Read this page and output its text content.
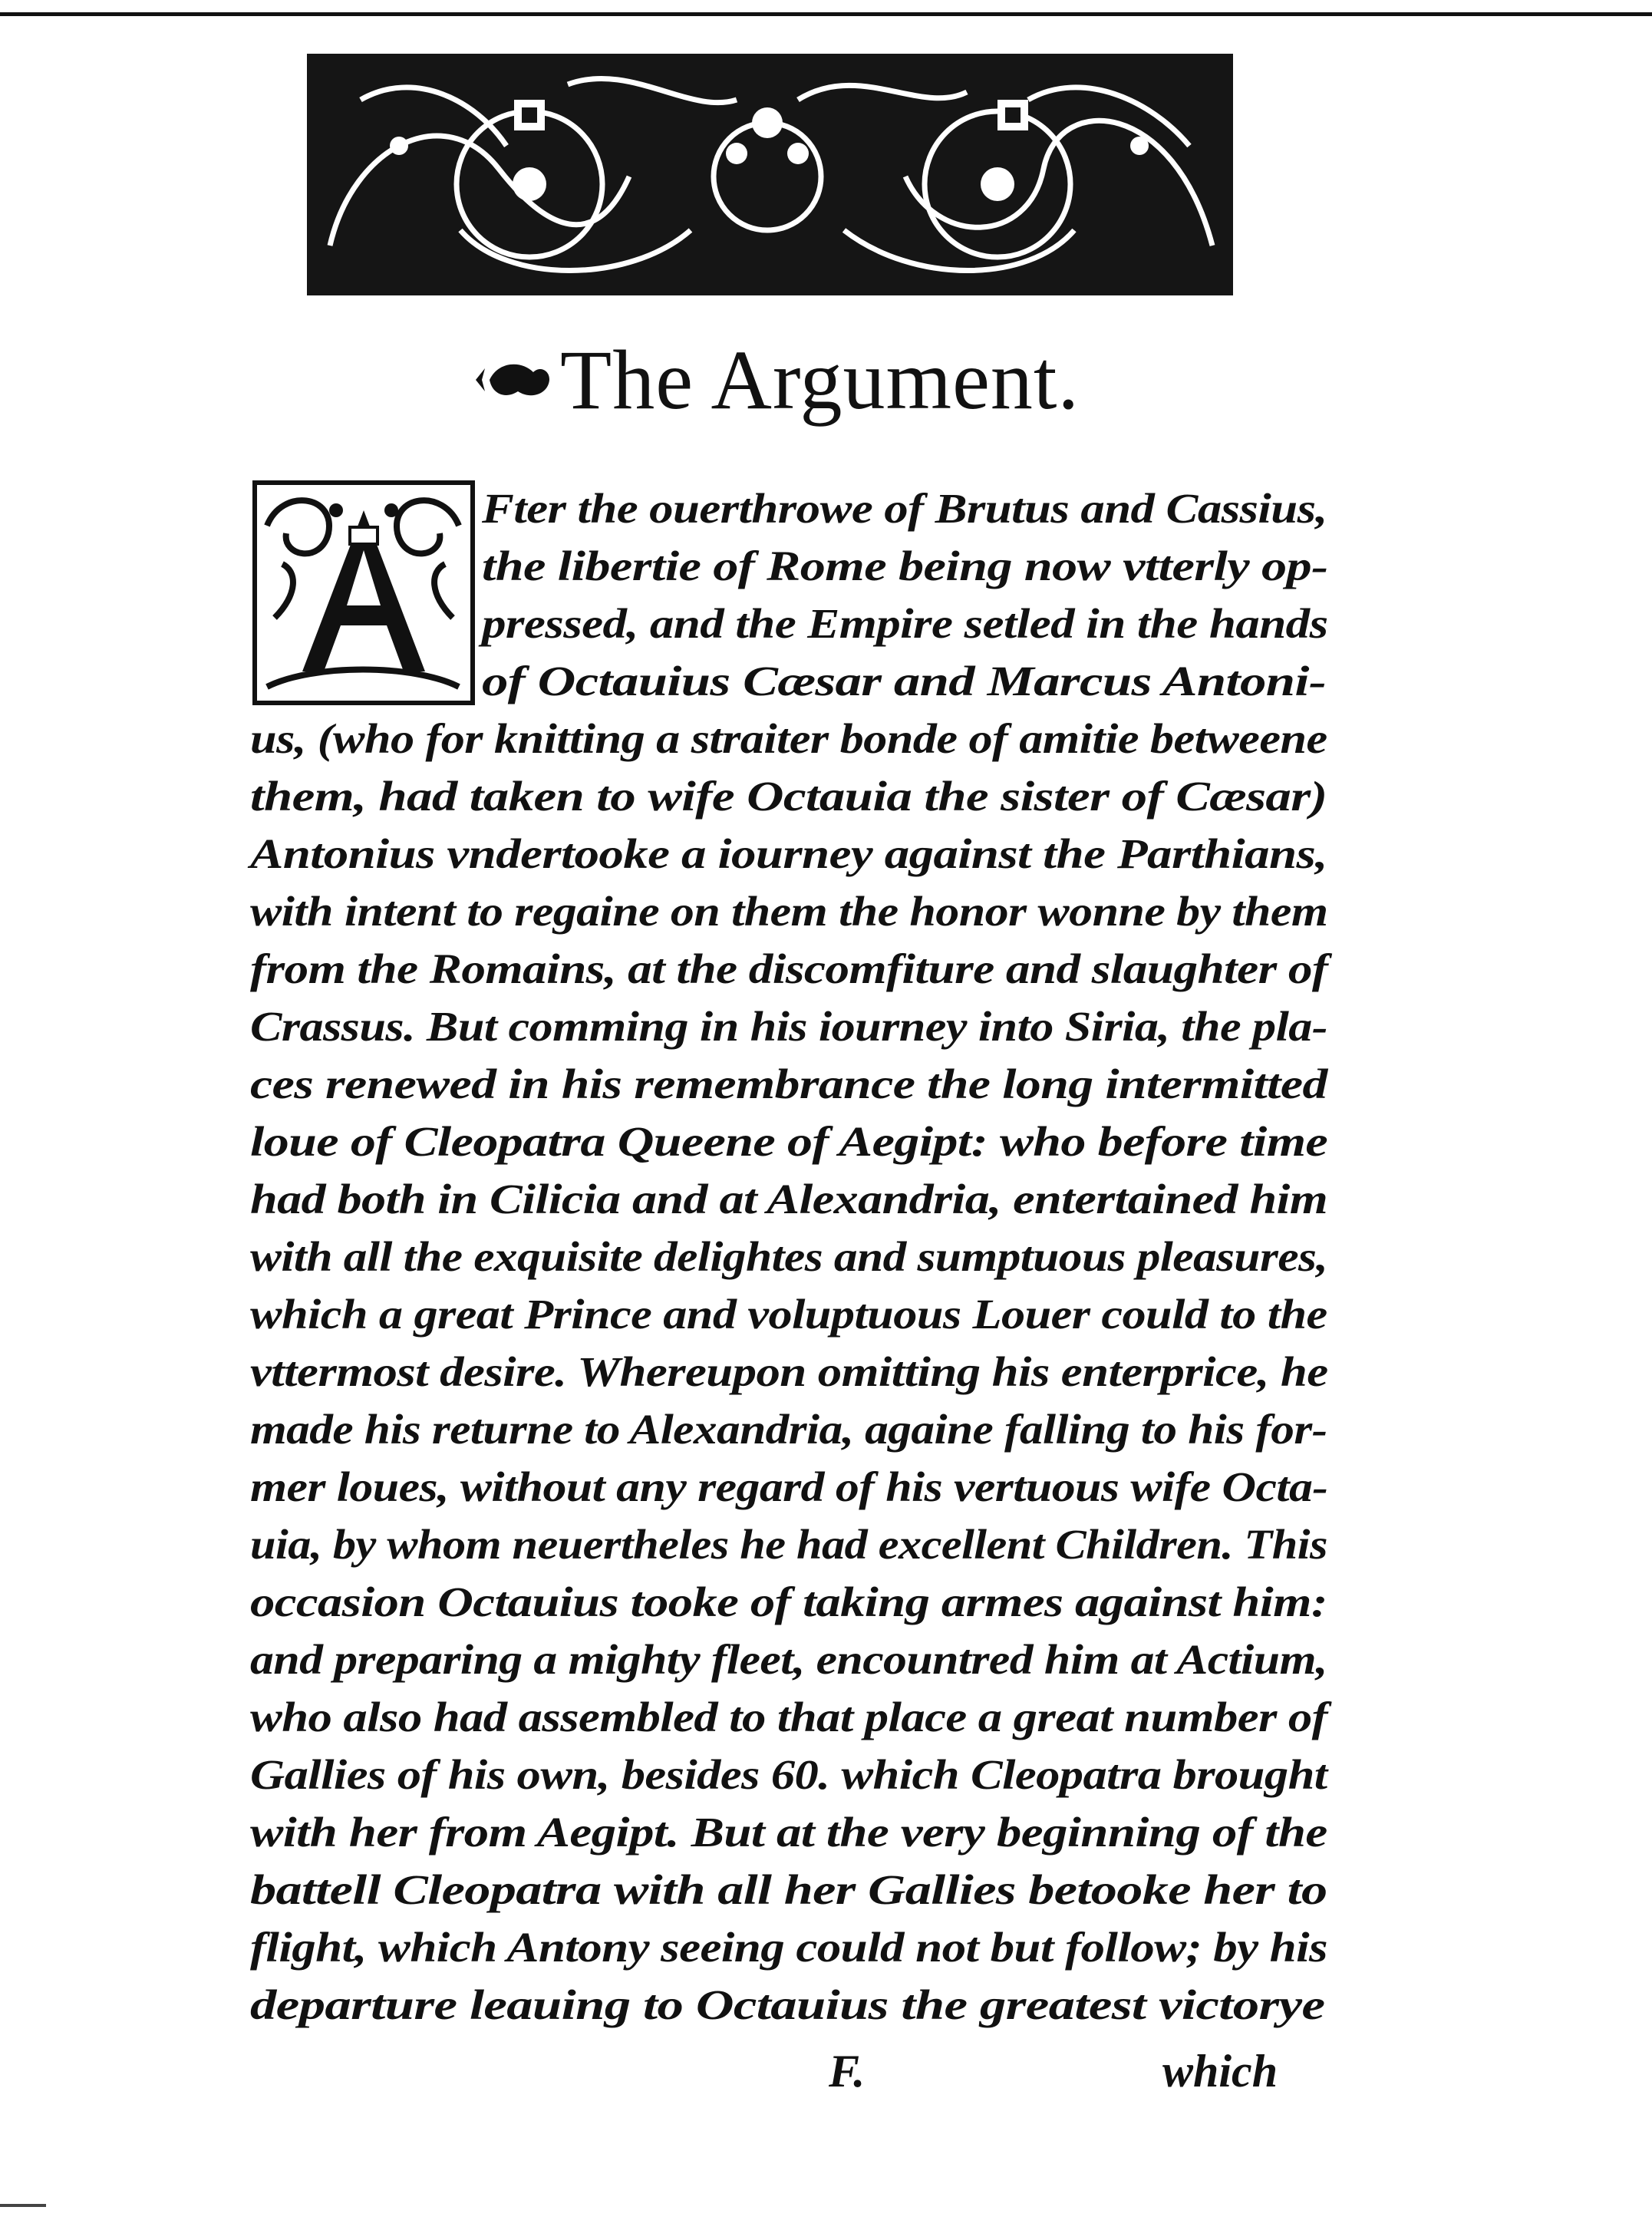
The Argument.
Fter the ouerthrowe of Brutus and Cassius,
the libertie of Rome being now vtterly op-
pressed, and the Empire setled in the hands
of Octauius Cæsar and Marcus Antoni-
us, (who for knitting a straiter bonde of amitie betweene
them, had taken to wife Octauia the sister of Cæsar)
Antonius vndertooke a iourney against the Parthians,
with intent to regaine on them the honor wonne by them
from the Romains, at the discomfiture and slaughter of
Crassus. But comming in his iourney into Siria, the pla-
ces renewed in his remembrance the long intermitted
loue of Cleopatra Queene of Aegipt: who before time
had both in Cilicia and at Alexandria, entertained him
with all the exquisite delightes and sumptuous pleasures,
which a great Prince and voluptuous Louer could to the
vttermost desire. Whereupon omitting his enterprice, he
made his returne to Alexandria, againe falling to his for-
mer loues, without any regard of his vertuous wife Octa-
uia, by whom neuertheles he had excellent Children. This
occasion Octauius tooke of taking armes against him:
and preparing a mighty fleet, encountred him at Actium,
who also had assembled to that place a great number of
Gallies of his own, besides 60. which Cleopatra brought
with her from Aegipt. But at the very beginning of the
battell Cleopatra with all her Gallies betooke her to
flight, which Antony seeing could not but follow; by his
departure leauing to Octauius the greatest victorye
F.	which
